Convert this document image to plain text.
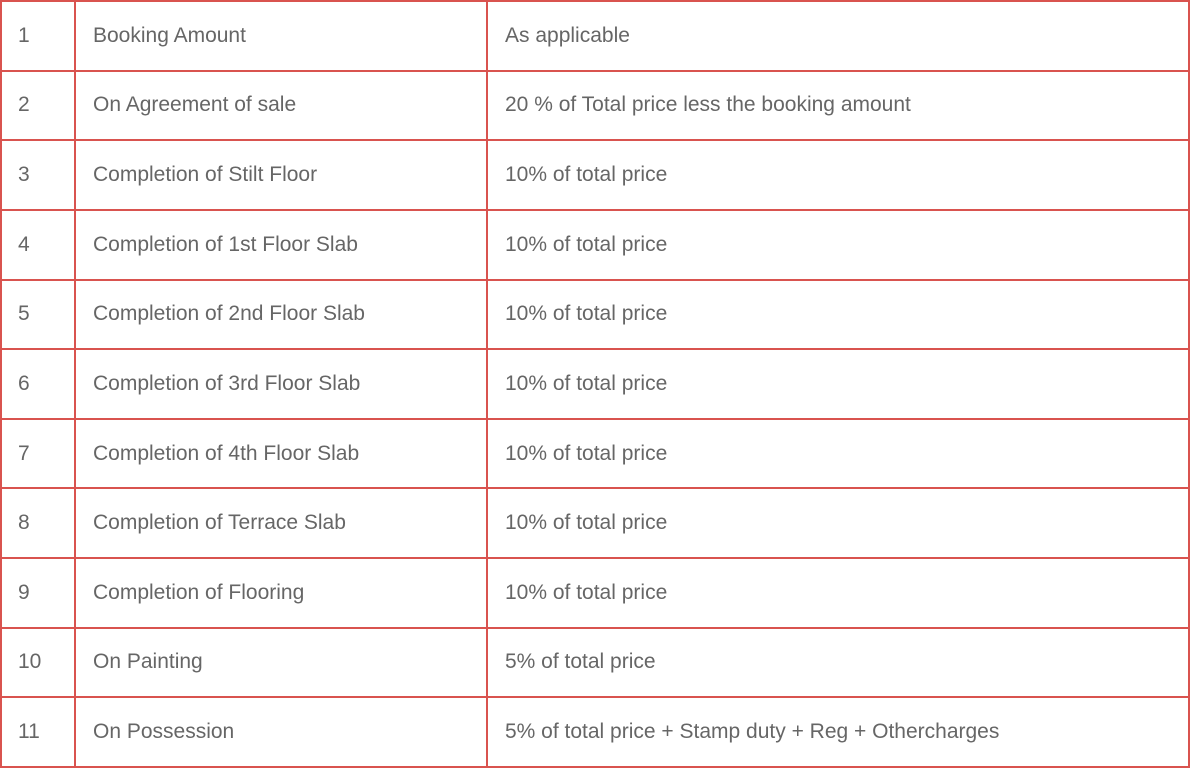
1	Booking Amount	As applicable
2	On Agreement of sale	20 % of Total price less the booking amount
3	Completion of Stilt Floor	10% of total price
4	Completion of 1st Floor Slab	10% of total price
5	Completion of 2nd Floor Slab	10% of total price
6	Completion of 3rd Floor Slab	10% of total price
7	Completion of 4th Floor Slab	10% of total price
8	Completion of Terrace Slab	10% of total price
9	Completion of Flooring	10% of total price
10	On Painting	5% of total price
11	On Possession	5% of total price + Stamp duty + Reg + Othercharges
